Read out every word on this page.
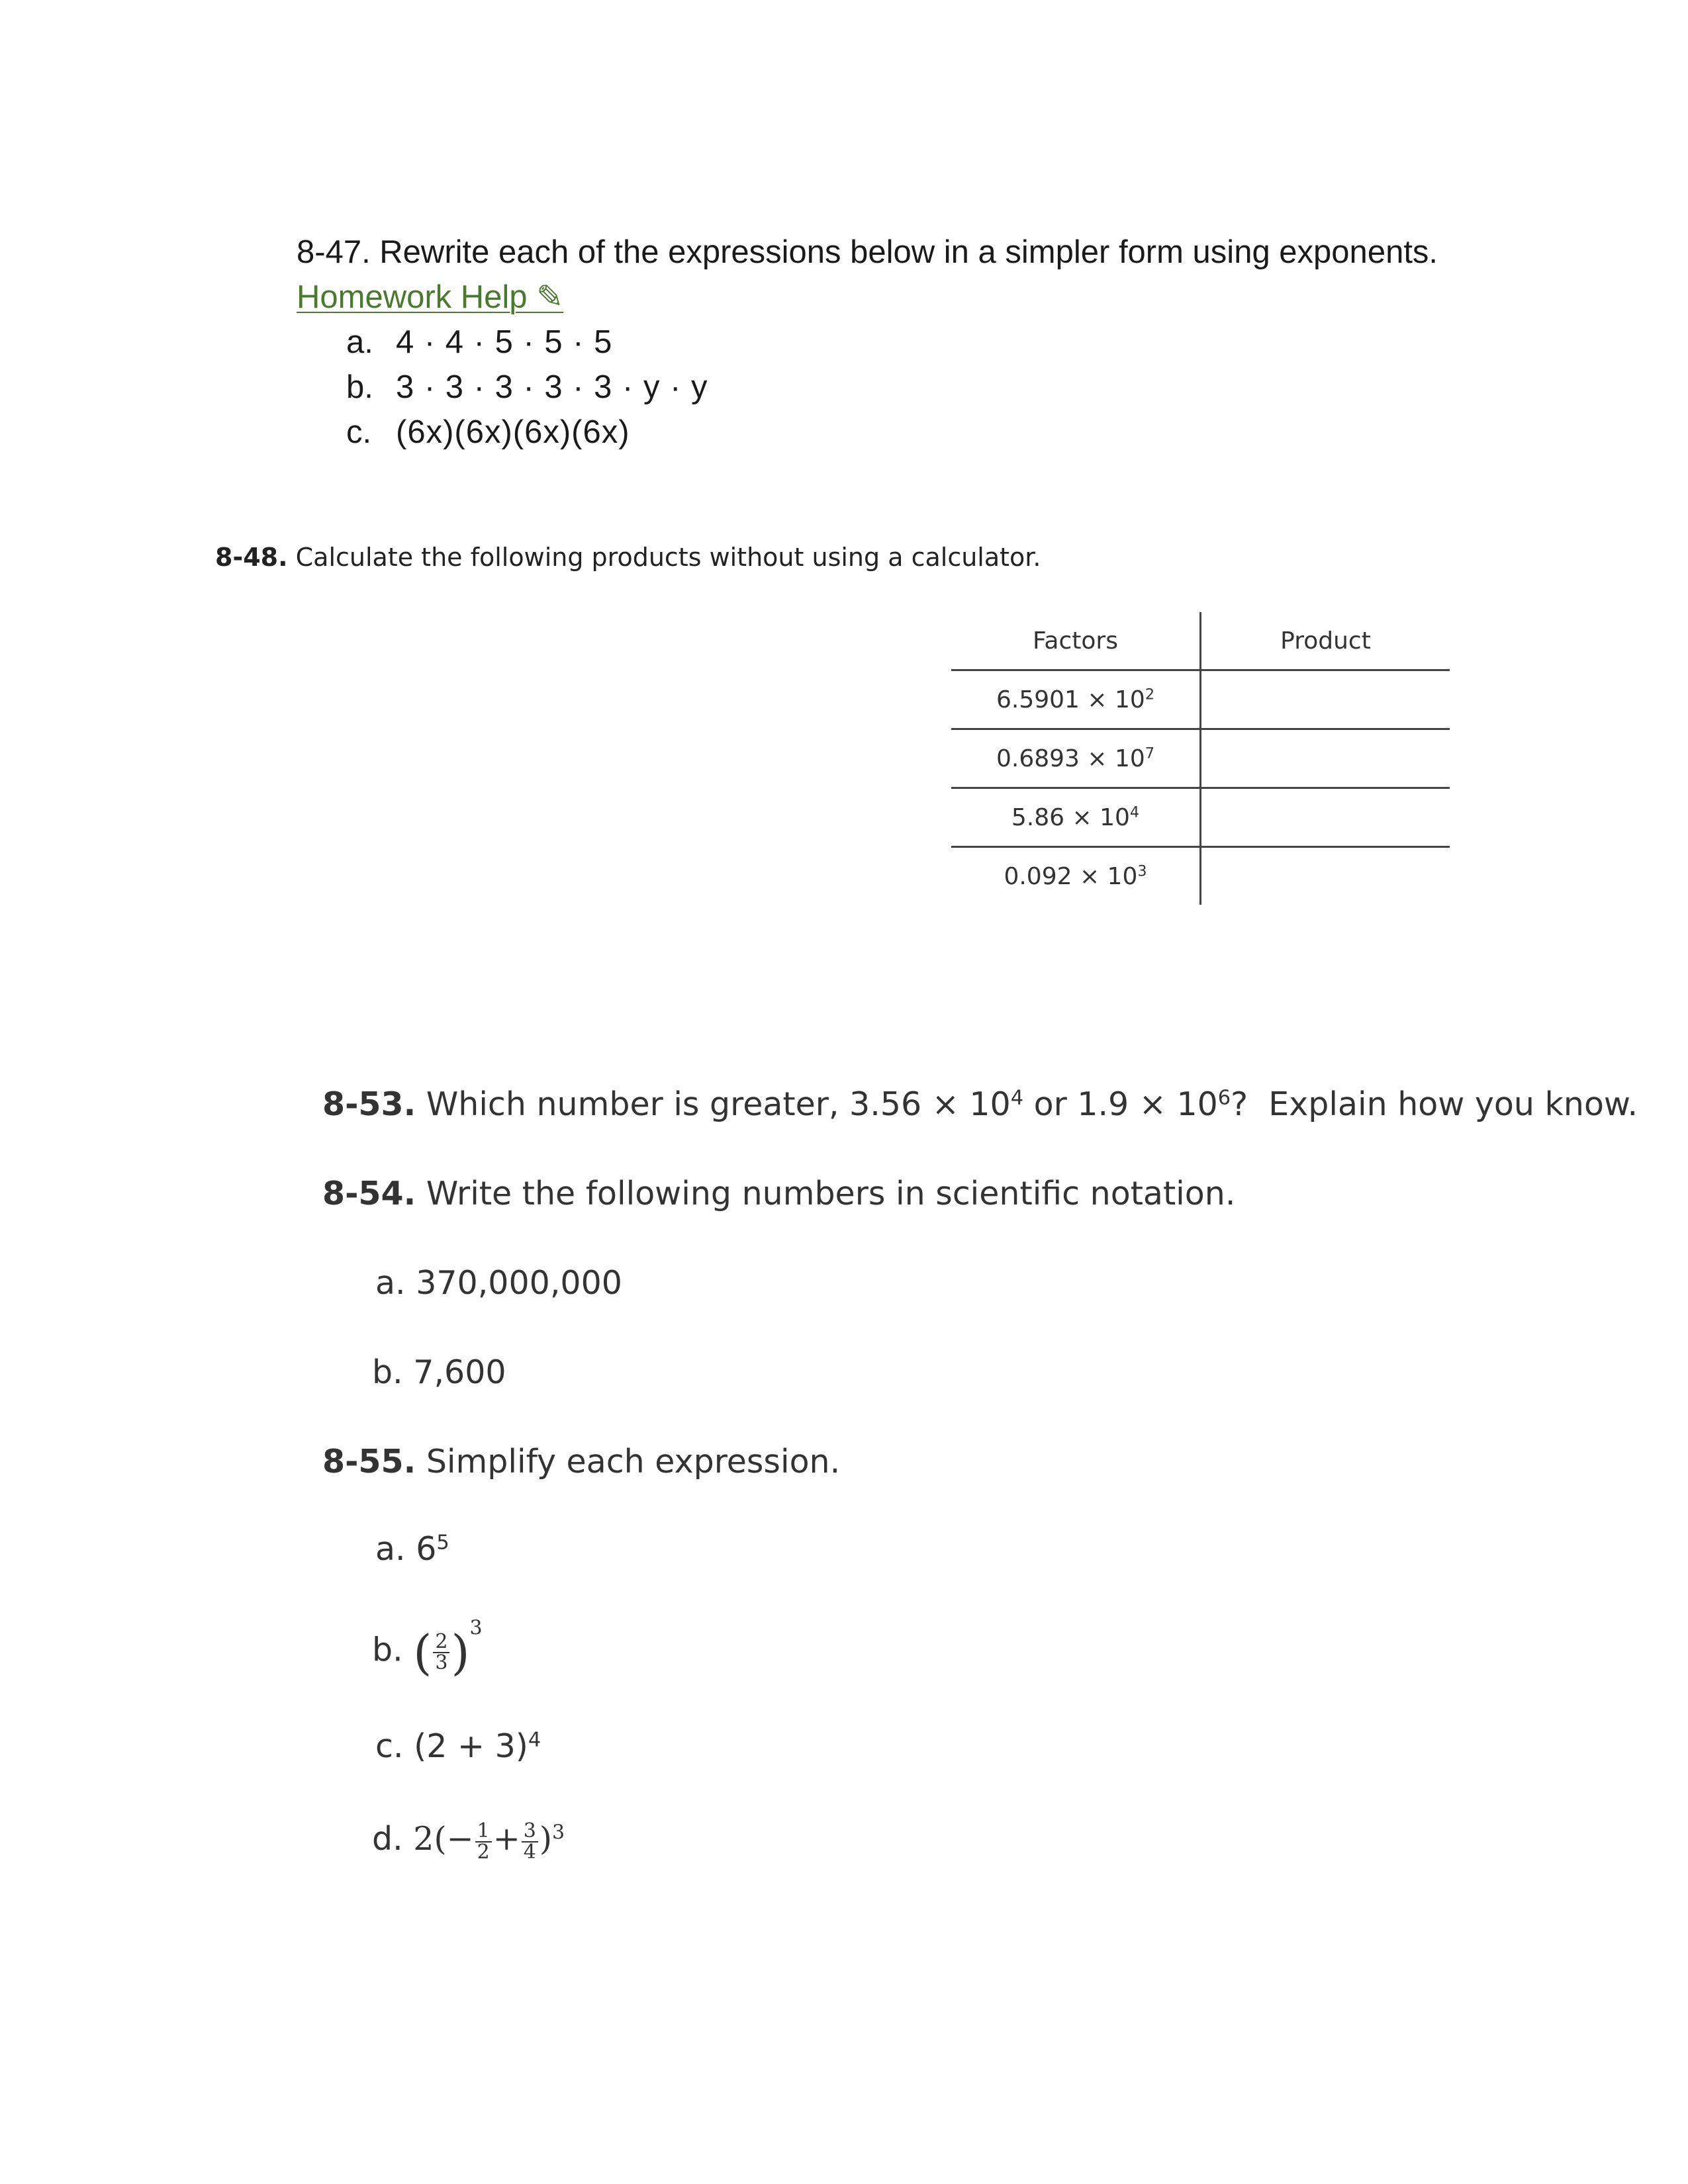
8-47. Rewrite each of the expressions below in a simpler form using exponents.
Homework Help ✎
a. 4 · 4 · 5 · 5 · 5
b. 3 · 3 · 3 · 3 · 3 · y · y
c. (6x)(6x)(6x)(6x)
8-48. Calculate the following products without using a calculator.
Factors	Product
$6.5901 \times 10^2$	
$0.6893 \times 10^7$	
$5.86 \times 10^4$	
$0.092 \times 10^3$	
8-53. Which number is greater, $3.56 \times 10^4$ or $1.9 \times 10^6$?  Explain how you know.
8-54. Write the following numbers in scientific notation.
a. 370,000,000
b. 7,600
8-55. Simplify each expression.
a. $6^5$
b. ( $\frac{2}{3} )^3$
c. $(2 + 3)^4$
d. $2(- \frac{1}{2} + \frac{3}{4} )^3$
